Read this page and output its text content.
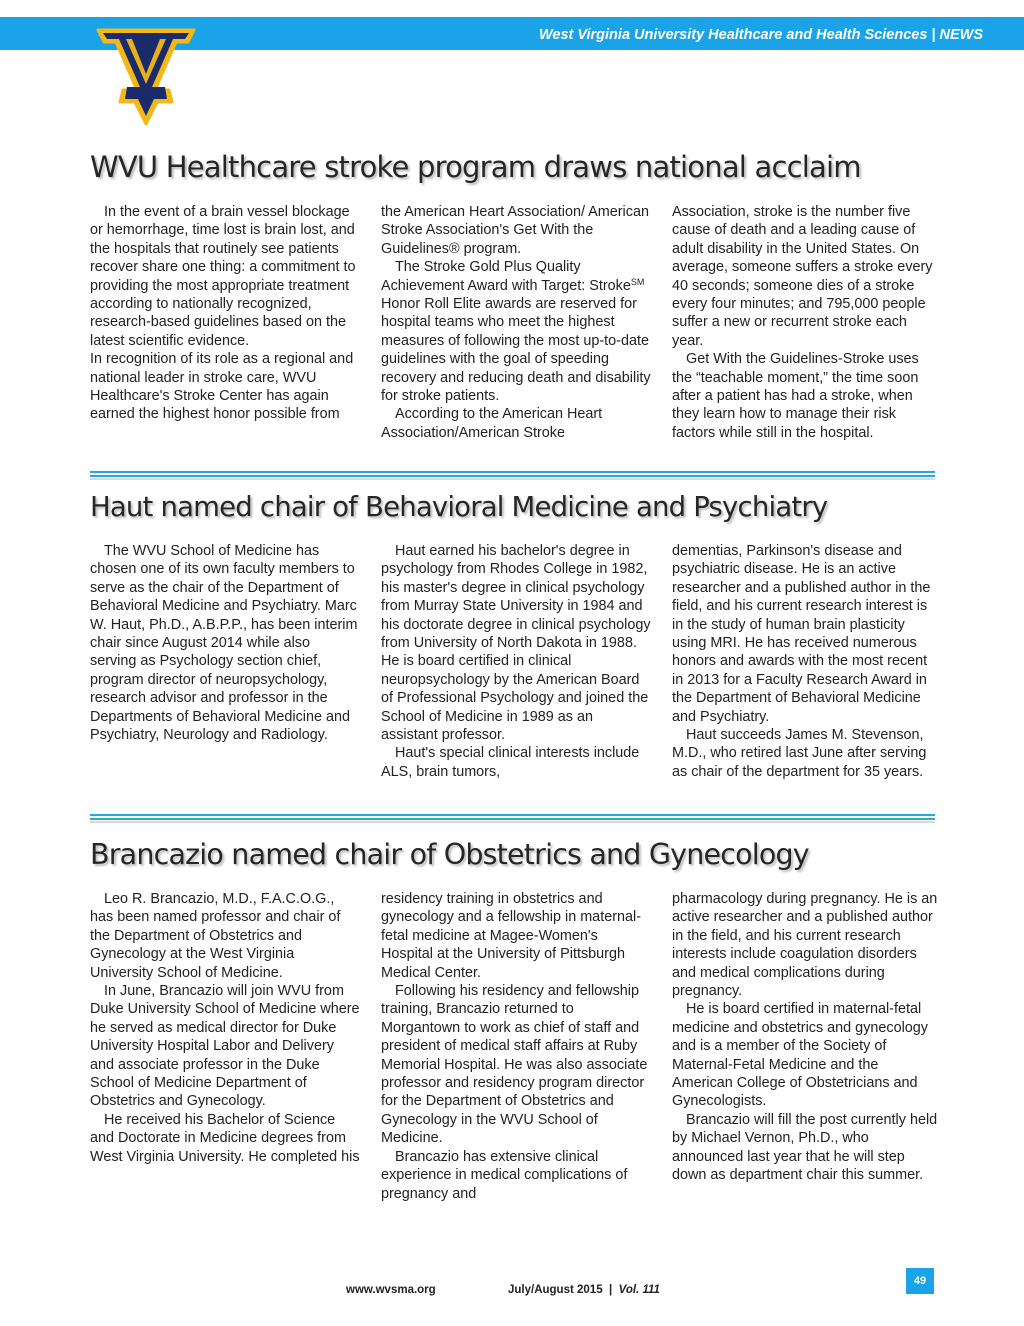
West Virginia University Healthcare and Health Sciences | NEWS
WVU Healthcare stroke program draws national acclaim

In the event of a brain vessel blockage or hemorrhage, time lost is brain lost, and the hospitals that routinely see patients recover share one thing: a commitment to providing the most appropriate treatment according to nationally recognized, research-based guidelines based on the latest scientific evidence.

In recognition of its role as a regional and national leader in stroke care, WVU Healthcare's Stroke Center has again earned the highest honor possible from

the American Heart Association/ American Stroke Association's Get With the Guidelines® program.

The Stroke Gold Plus Quality Achievement Award with Target: Stroke℠ Honor Roll Elite awards are reserved for hospital teams who meet the highest measures of following the most up-to-date guidelines with the goal of speeding recovery and reducing death and disability for stroke patients.

According to the American Heart Association/American Stroke

Association, stroke is the number five cause of death and a leading cause of adult disability in the United States. On average, someone suffers a stroke every 40 seconds; someone dies of a stroke every four minutes; and 795,000 people suffer a new or recurrent stroke each year.

Get With the Guidelines-Stroke uses the “teachable moment,” the time soon after a patient has had a stroke, when they learn how to manage their risk factors while still in the hospital.

Haut named chair of Behavioral Medicine and Psychiatry

The WVU School of Medicine has chosen one of its own faculty members to serve as the chair of the Department of Behavioral Medicine and Psychiatry. Marc W. Haut, Ph.D., A.B.P.P., has been interim chair since August 2014 while also serving as Psychology section chief, program director of neuropsychology, research advisor and professor in the Departments of Behavioral Medicine and Psychiatry, Neurology and Radiology.

Haut earned his bachelor's degree in psychology from Rhodes College in 1982, his master's degree in clinical psychology from Murray State University in 1984 and his doctorate degree in clinical psychology from University of North Dakota in 1988. He is board certified in clinical neuropsychology by the American Board of Professional Psychology and joined the School of Medicine in 1989 as an assistant professor.

Haut's special clinical interests include ALS, brain tumors,

dementias, Parkinson's disease and psychiatric disease. He is an active researcher and a published author in the field, and his current research interest is in the study of human brain plasticity using MRI. He has received numerous honors and awards with the most recent in 2013 for a Faculty Research Award in the Department of Behavioral Medicine and Psychiatry.

Haut succeeds James M. Stevenson, M.D., who retired last June after serving as chair of the department for 35 years.

Brancazio named chair of Obstetrics and Gynecology

Leo R. Brancazio, M.D., F.A.C.O.G., has been named professor and chair of the Department of Obstetrics and Gynecology at the West Virginia University School of Medicine.

In June, Brancazio will join WVU from Duke University School of Medicine where he served as medical director for Duke University Hospital Labor and Delivery and associate professor in the Duke School of Medicine Department of Obstetrics and Gynecology.

He received his Bachelor of Science and Doctorate in Medicine degrees from West Virginia University. He completed his

residency training in obstetrics and gynecology and a fellowship in maternal-fetal medicine at Magee-Women's Hospital at the University of Pittsburgh Medical Center.

Following his residency and fellowship training, Brancazio returned to Morgantown to work as chief of staff and president of medical staff affairs at Ruby Memorial Hospital. He was also associate professor and residency program director for the Department of Obstetrics and Gynecology in the WVU School of Medicine.

Brancazio has extensive clinical experience in medical complications of pregnancy and

pharmacology during pregnancy. He is an active researcher and a published author in the field, and his current research interests include coagulation disorders and medical complications during pregnancy.

He is board certified in maternal-fetal medicine and obstetrics and gynecology and is a member of the Society of Maternal-Fetal Medicine and the American College of Obstetricians and Gynecologists.

Brancazio will fill the post currently held by Michael Vernon, Ph.D., who announced last year that he will step down as department chair this summer.

www.wvsma.org	July/August 2015 | Vol. 111
49
